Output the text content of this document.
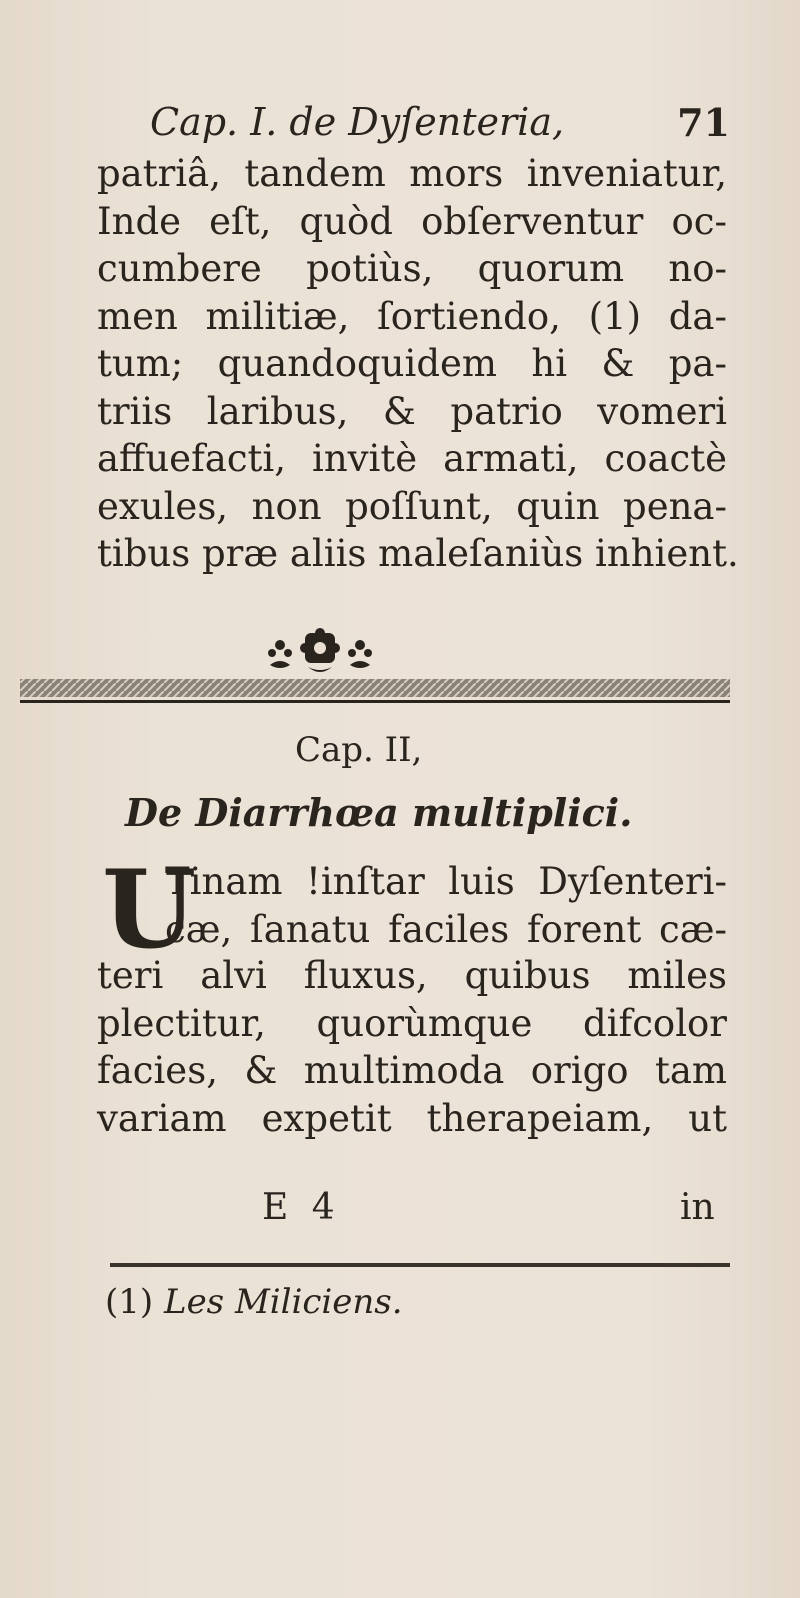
Cap. I. de Dyſenteria,	71
patriâ, tandem mors inveniatur,
Inde eſt, quòd obſerventur oc-
cumbere potiùs, quorum no-
men militiæ, ſortiendo, (1) da-
tum; quandoquidem hi & pa-
triis laribus, & patrio vomeri
affuefacti, invitè armati, coactè
exules, non poſſunt, quin pena-
tibus præ aliis maleſaniùs inhient.
Cap. II,
De Diarrhœa multiplici.
U
Tinam !inſtar luis Dyſenteri-
cæ, ſanatu faciles forent cæ-
teri alvi fluxus, quibus miles
plectitur, quorùmque difcolor
facies, & multimoda origo tam
variam expetit therapeiam, ut
E 4	in
(1) Les Miliciens.
